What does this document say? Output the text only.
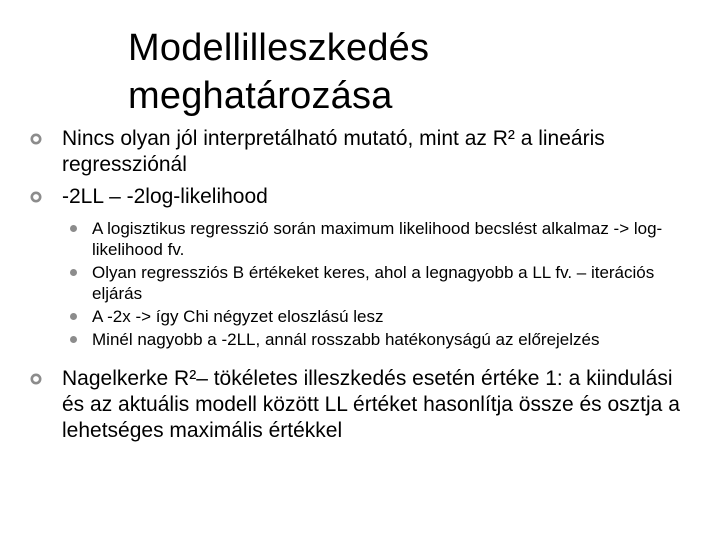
Modellilleszkedés
meghatározása
Nincs olyan jól interpretálható mutató, mint az R² a lineáris regressziónál
-2LL – -2log-likelihood
A logisztikus regresszió során maximum likelihood becslést alkalmaz -> log-likelihood fv.
Olyan regressziós B értékeket keres, ahol a legnagyobb a LL fv. – iterációs eljárás
A -2x -> így Chi négyzet eloszlású lesz
Minél nagyobb a -2LL, annál rosszabb hatékonyságú az előrejelzés
Nagelkerke R²– tökéletes illeszkedés esetén értéke 1: a kiindulási és az aktuális modell között LL értéket hasonlítja össze és osztja a lehetséges maximális értékkel
